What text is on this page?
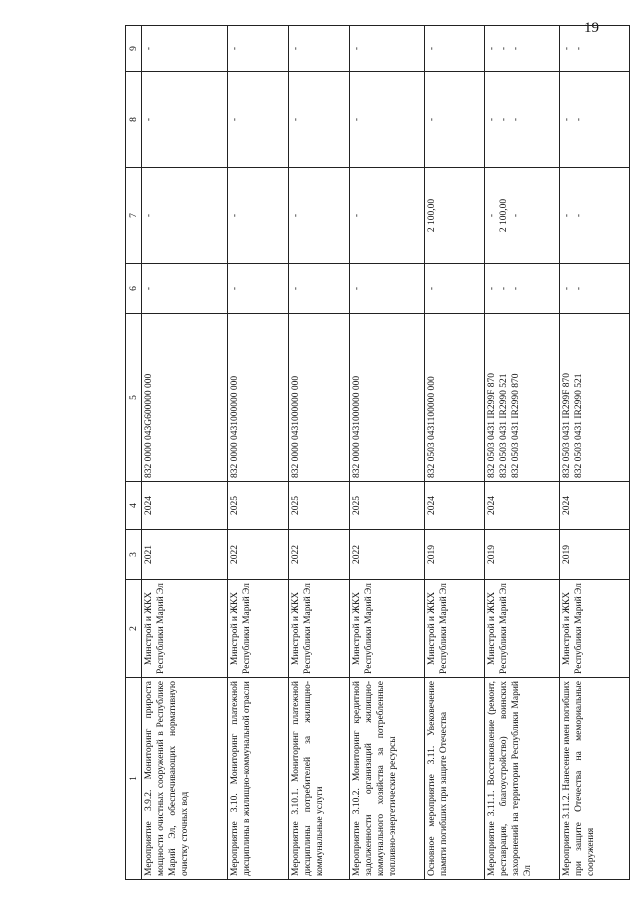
19
1	2	3	4	5	6	7	8	9
Мероприятие 3.9.2. Мониторинг прироста мощности очистных сооружений в Республике Марий Эл, обеспечивающих нормативную очистку сточных вод	Минстрой и ЖКХ Республики Марий Эл	2021	2024	832 0000 043G600000 000	-	-	-	-

Мероприятие 3.10. Мониторинг платежной дисциплины в жилищно-коммунальной отрасли	Минстрой и ЖКХ Республики Марий Эл	2022	2025	832 0000 0431000000 000	-	-	-	-

Мероприятие 3.10.1. Мониторинг платежной дисциплины потребителей за жилищно-коммунальные услуги	Минстрой и ЖКХ Республики Марий Эл	2022	2025	832 0000 0431000000 000	-	-	-	-

Мероприятие 3.10.2. Мониторинг кредитной задолженности организаций жилищно-коммунального хозяйства за потребленные топливно-энергетические ресурсы	Минстрой и ЖКХ Республики Марий Эл	2022	2025	832 0000 0431000000 000	-	-	-	-

Основное мероприятие 3.11. Увековечение памяти погибших при защите Отечества	Минстрой и ЖКХ Республики Марий Эл	2019	2024	832 0503 0431100000 000	-	2 100,00	-	-

Мероприятие 3.11.1. Восстановление (ремонт, реставрация, благоустройство) воинских захоронений на территории Республики Марий Эл	Минстрой и ЖКХ Республики Марий Эл	2019	2024	832 0503 0431 IR299F 870 832 0503 0431 IR2990 521 832 0503 0431 IR2990 870	- - -	- 2 100,00 -	- - -	- - -

Мероприятие 3.11.2. Нанесение имен погибших при защите Отечества на мемориальные сооружения	Минстрой и ЖКХ Республики Марий Эл	2019	2024	832 0503 0431 IR299F 870 832 0503 0431 IR2990 521	- -	- -	- -	- -
